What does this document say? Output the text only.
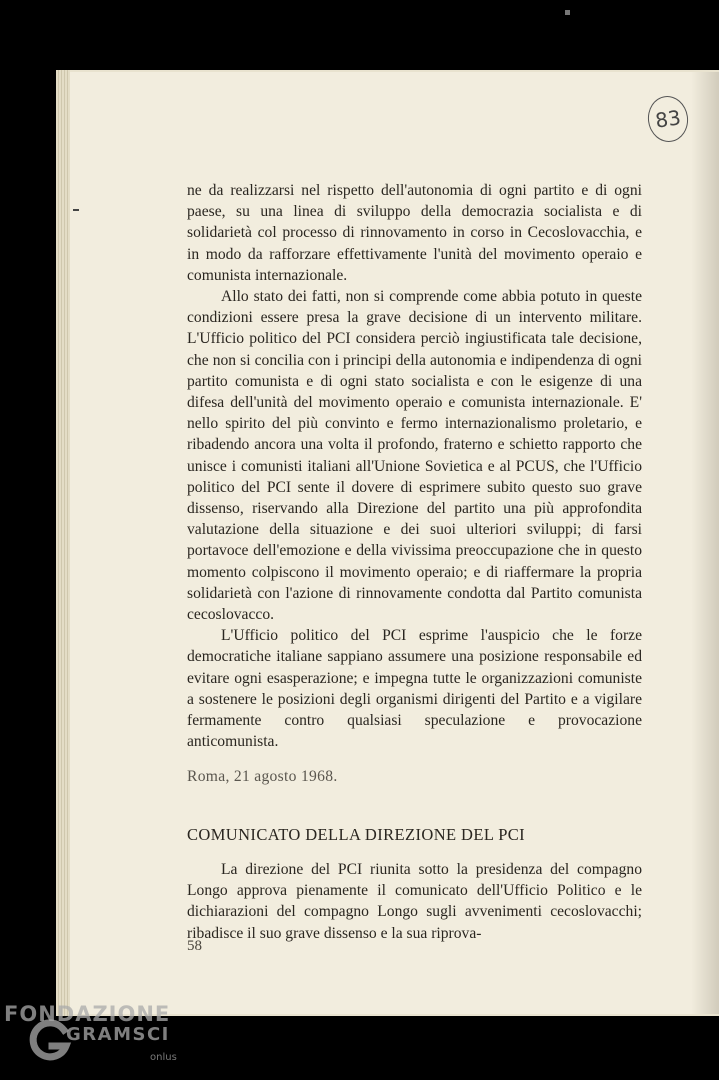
83

ne da realizzarsi nel rispetto dell'autonomia di ogni partito e di ogni paese, su una linea di sviluppo della democrazia socialista e di solidarietà col processo di rinnovamento in corso in Cecoslovacchia, e in modo da rafforzare effettivamente l'unità del movimento operaio e comunista internazionale.

Allo stato dei fatti, non si comprende come abbia potuto in queste condizioni essere presa la grave decisione di un intervento militare. L'Ufficio politico del PCI considera perciò ingiustificata tale decisione, che non si concilia con i principi della autonomia e indipendenza di ogni partito comunista e di ogni stato socialista e con le esigenze di una difesa dell'unità del movimento operaio e comunista internazionale. E' nello spirito del più convinto e fermo internazionalismo proletario, e ribadendo ancora una volta il profondo, fraterno e schietto rapporto che unisce i comunisti italiani all'Unione Sovietica e al PCUS, che l'Ufficio politico del PCI sente il dovere di esprimere subito questo suo grave dissenso, riservando alla Direzione del partito una più approfondita valutazione della situazione e dei suoi ulteriori sviluppi; di farsi portavoce dell'emozione e della vivissima preoccupazione che in questo momento colpiscono il movimento operaio; e di riaffermare la propria solidarietà con l'azione di rinnovamente condotta dal Partito comunista cecoslovacco.

L'Ufficio politico del PCI esprime l'auspicio che le forze democratiche italiane sappiano assumere una posizione responsabile ed evitare ogni esasperazione; e impegna tutte le organizzazioni comuniste a sostenere le posizioni degli organismi dirigenti del Partito e a vigilare fermamente contro qualsiasi speculazione e provocazione anticomunista.

Roma, 21 agosto 1968.

COMUNICATO DELLA DIREZIONE DEL PCI

La direzione del PCI riunita sotto la presidenza del compagno Longo approva pienamente il comunicato dell'Ufficio Politico e le dichiarazioni del compagno Longo sugli avvenimenti cecoslovacchi; ribadisce il suo grave dissenso e la sua riprova-

58
FONDAZIONE
GRAMSCI
onlus
